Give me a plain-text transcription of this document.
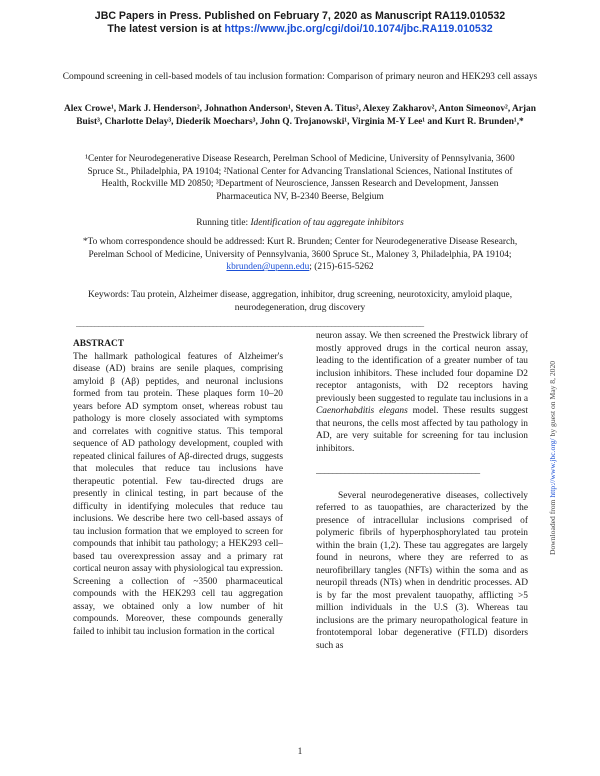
JBC Papers in Press. Published on February 7, 2020 as Manuscript RA119.010532
The latest version is at https://www.jbc.org/cgi/doi/10.1074/jbc.RA119.010532
Compound screening in cell-based models of tau inclusion formation: Comparison of primary neuron and HEK293 cell assays
Alex Crowe¹, Mark J. Henderson², Johnathon Anderson¹, Steven A. Titus², Alexey Zakharov², Anton Simeonov², Arjan Buist³, Charlotte Delay³, Diederik Moechars³, John Q. Trojanowski¹, Virginia M-Y Lee¹ and Kurt R. Brunden¹,*
¹Center for Neurodegenerative Disease Research, Perelman School of Medicine, University of Pennsylvania, 3600 Spruce St., Philadelphia, PA 19104; ²National Center for Advancing Translational Sciences, National Institutes of Health, Rockville MD 20850; ³Department of Neuroscience, Janssen Research and Development, Janssen Pharmaceutica NV, B-2340 Beerse, Belgium
Running title: Identification of tau aggregate inhibitors
*To whom correspondence should be addressed: Kurt R. Brunden; Center for Neurodegenerative Disease Research, Perelman School of Medicine, University of Pennsylvania, 3600 Spruce St., Maloney 3, Philadelphia, PA 19104; kbrunden@upenn.edu; (215)-615-5262
Keywords: Tau protein, Alzheimer disease, aggregation, inhibitor, drug screening, neurotoxicity, amyloid plaque, neurodegeneration, drug discovery
______________________________________________________________________________________________

ABSTRACT

The hallmark pathological features of Alzheimer's disease (AD) brains are senile plaques, comprising amyloid β (Aβ) peptides, and neuronal inclusions formed from tau protein. These plaques form 10–20 years before AD symptom onset, whereas robust tau pathology is more closely associated with symptoms and correlates with cognitive status. This temporal sequence of AD pathology development, coupled with repeated clinical failures of Aβ-directed drugs, suggests that molecules that reduce tau inclusions have therapeutic potential. Few tau-directed drugs are presently in clinical testing, in part because of the difficulty in identifying molecules that reduce tau inclusions. We describe here two cell-based assays of tau inclusion formation that we employed to screen for compounds that inhibit tau pathology; a HEK293 cell–based tau overexpression assay and a primary rat cortical neuron assay with physiological tau expression. Screening a collection of ~3500 pharmaceutical compounds with the HEK293 cell tau aggregation assay, we obtained only a low number of hit compounds. Moreover, these compounds generally failed to inhibit tau inclusion formation in the cortical

neuron assay. We then screened the Prestwick library of mostly approved drugs in the cortical neuron assay, leading to the identification of a greater number of tau inclusion inhibitors. These included four dopamine D2 receptor antagonists, with D2 receptors having previously been suggested to regulate tau inclusions in a Caenorhabditis elegans model. These results suggest that neurons, the cells most affected by tau pathology in AD, are very suitable for screening for tau inclusion inhibitors.

________________________________________

Several neurodegenerative diseases, collectively referred to as tauopathies, are characterized by the presence of intracellular inclusions comprised of polymeric fibrils of hyperphosphorylated tau protein within the brain (1,2). These tau aggregates are largely found in neurons, where they are referred to as neurofibrillary tangles (NFTs) within the soma and as neuropil threads (NTs) when in dendritic processes. AD is by far the most prevalent tauopathy, afflicting >5 million individuals in the U.S (3). Whereas tau inclusions are the primary neuropathological feature in frontotemporal lobar degenerative (FTLD) disorders such as

Downloaded from http://www.jbc.org/ by guest on May 8, 2020
1
